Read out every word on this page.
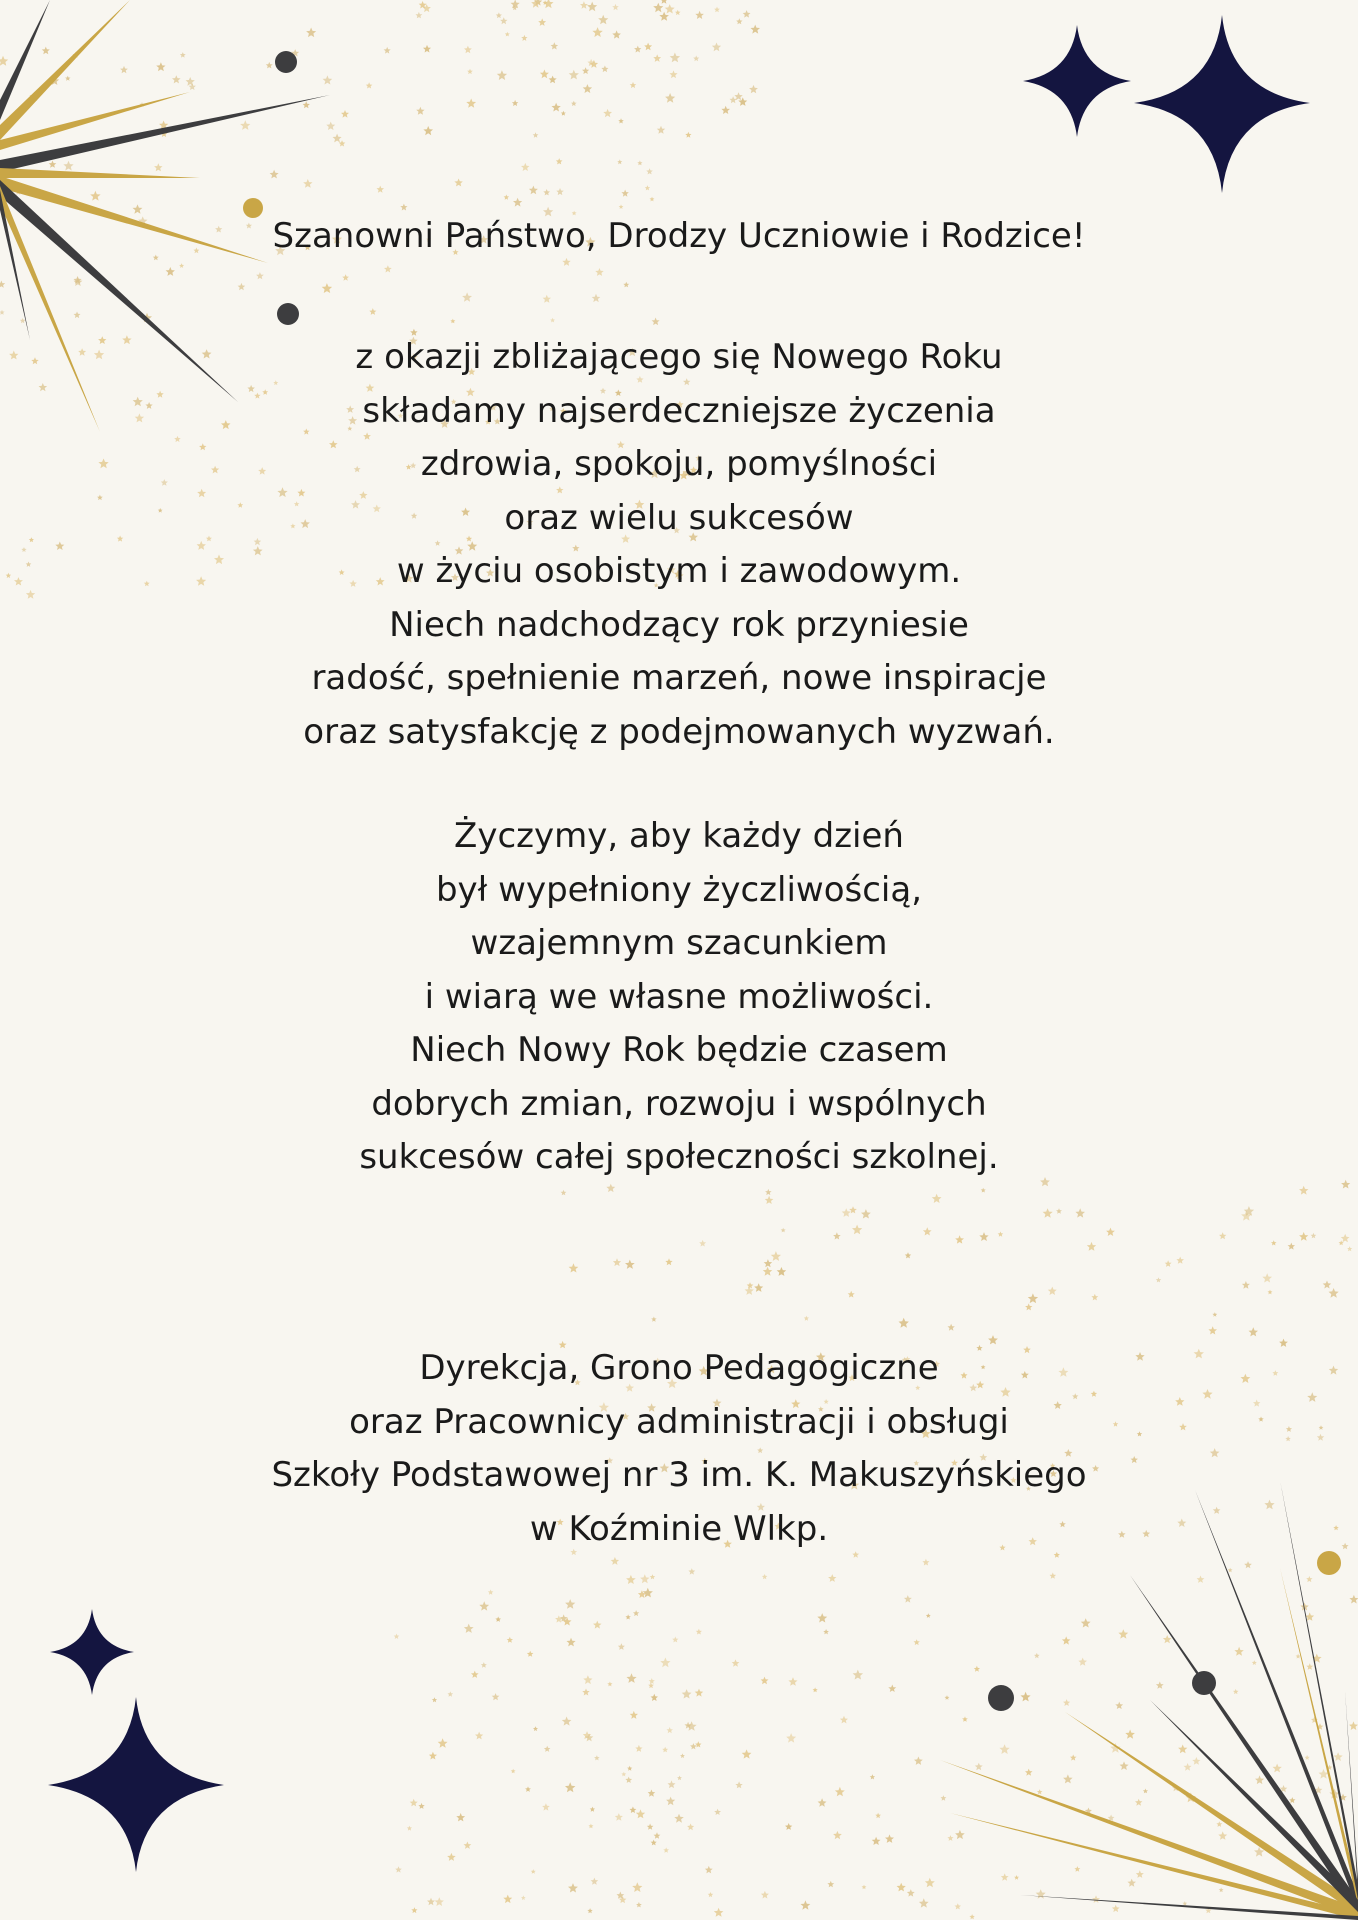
Szanowni Państwo, Drodzy Uczniowie i Rodzice!

z okazji zbliżającego się Nowego Roku
składamy najserdeczniejsze życzenia
zdrowia, spokoju, pomyślności
oraz wielu sukcesów
w życiu osobistym i zawodowym.
Niech nadchodzący rok przyniesie
radość, spełnienie marzeń, nowe inspiracje
oraz satysfakcję z podejmowanych wyzwań.
Życzymy, aby każdy dzień
był wypełniony życzliwością,
wzajemnym szacunkiem
i wiarą we własne możliwości.
Niech Nowy Rok będzie czasem
dobrych zmian, rozwoju i wspólnych
sukcesów całej społeczności szkolnej.
Dyrekcja, Grono Pedagogiczne
oraz Pracownicy administracji i obsługi
Szkoły Podstawowej nr 3 im. K. Makuszyńskiego
w Koźminie Wlkp.
